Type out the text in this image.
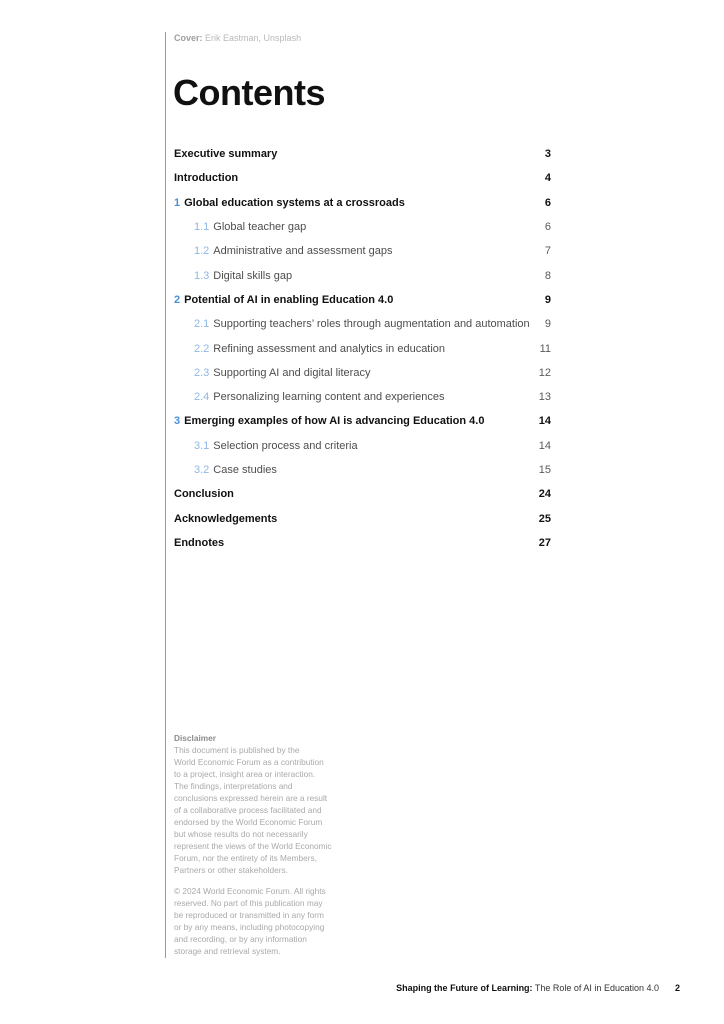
Cover: Erik Eastman, Unsplash
Contents
Executive summary	3
Introduction	4
1 Global education systems at a crossroads	6
1.1 Global teacher gap	6
1.2 Administrative and assessment gaps	7
1.3 Digital skills gap	8
2 Potential of AI in enabling Education 4.0	9
2.1 Supporting teachers’ roles through augmentation and automation 9
2.2 Refining assessment and analytics in education	11
2.3 Supporting AI and digital literacy	12
2.4 Personalizing learning content and experiences	13
3 Emerging examples of how AI is advancing Education 4.0	14
3.1 Selection process and criteria	14
3.2 Case studies	15
Conclusion	24
Acknowledgements	25
Endnotes	27
Disclaimer
This document is published by the
World Economic Forum as a contribution
to a project, insight area or interaction.
The findings, interpretations and
conclusions expressed herein are a result
of a collaborative process facilitated and
endorsed by the World Economic Forum
but whose results do not necessarily
represent the views of the World Economic
Forum, nor the entirety of its Members,
Partners or other stakeholders.
© 2024 World Economic Forum. All rights
reserved. No part of this publication may
be reproduced or transmitted in any form
or by any means, including photocopying
and recording, or by any information
storage and retrieval system.
Shaping the Future of Learning: The Role of AI in Education 4.0 2
